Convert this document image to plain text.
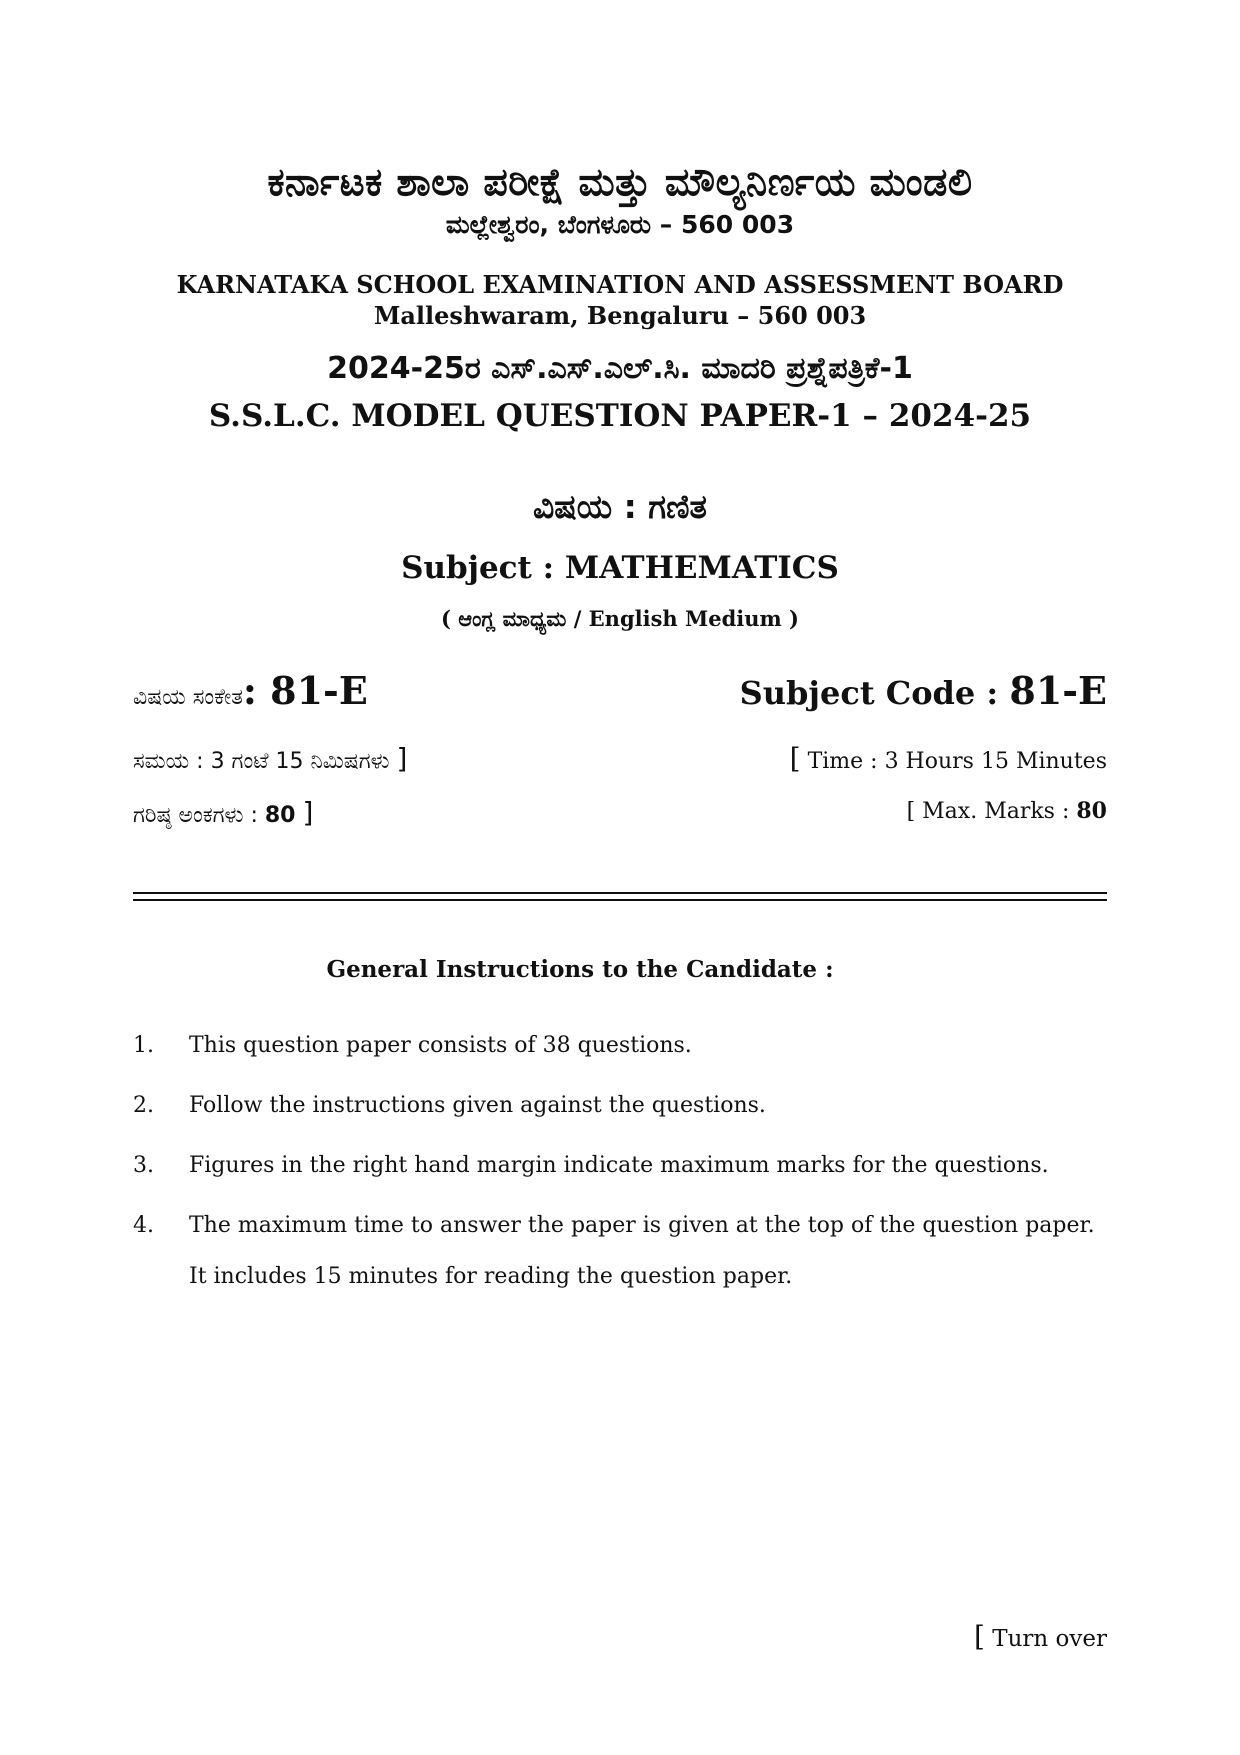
ಕರ್ನಾಟಕ ಶಾಲಾ ಪರೀಕ್ಷೆ ಮತ್ತು ಮೌಲ್ಯನಿರ್ಣಯ ಮಂಡಲಿ
ಮಲ್ಲೇಶ್ವರಂ, ಬೆಂಗಳೂರು – 560 003
KARNATAKA SCHOOL EXAMINATION AND ASSESSMENT BOARD
Malleshwaram, Bengaluru – 560 003
2024-25ರ ಎಸ್.ಎಸ್.ಎಲ್.ಸಿ. ಮಾದರಿ ಪ್ರಶ್ನೆಪತ್ರಿಕೆ-1
S.S.L.C. MODEL QUESTION PAPER-1 – 2024-25
ವಿಷಯ : ಗಣಿತ
Subject : MATHEMATICS
( ಆಂಗ್ಲ ಮಾಧ್ಯಮ / English Medium )
ವಿಷಯ ಸಂಕೇತ: 81-E	Subject Code : 81-E
ಸಮಯ : 3 ಗಂಟೆ 15 ನಿಮಿಷಗಳು ]	[ Time : 3 Hours 15 Minutes
ಗರಿಷ್ಠ ಅಂಕಗಳು : 80 ]	[ Max. Marks : 80
General Instructions to the Candidate :
1. This question paper consists of 38 questions.
2. Follow the instructions given against the questions.
3. Figures in the right hand margin indicate maximum marks for the questions.
4. The maximum time to answer the paper is given at the top of the question paper.
It includes 15 minutes for reading the question paper.
[ Turn over
